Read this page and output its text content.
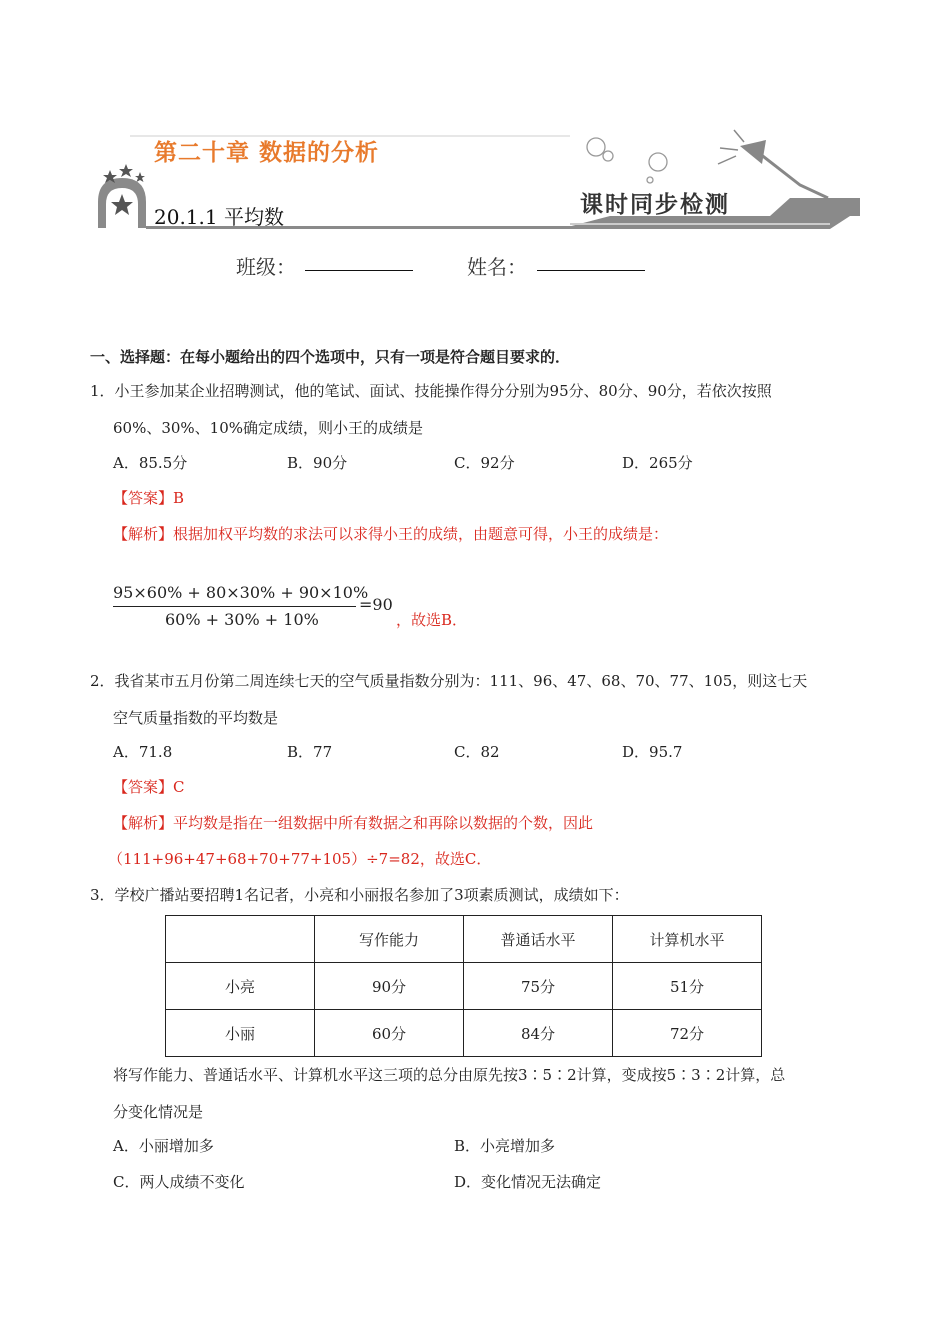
第二十章 数据的分析
20.1.1 平均数	课时同步检测
班级：	姓名：
一、选择题：在每小题给出的四个选项中，只有一项是符合题目要求的．
1．小王参加某企业招聘测试，他的笔试、面试、技能操作得分分别为95分、80分、90分，若依次按照
60%、30%、10%确定成绩，则小王的成绩是
A．85.5分	B．90分	C．92分	D．265分
【答案】B
【解析】根据加权平均数的求法可以求得小王的成绩，由题意可得，小王的成绩是：
95×60% + 80×30% + 90×10%
60% + 30% + 10%
=90
，故选B．
2．我省某市五月份第二周连续七天的空气质量指数分别为：111、96、47、68、70、77、105，则这七天
空气质量指数的平均数是
A．71.8	B．77	C．82	D．95.7
【答案】C
【解析】平均数是指在一组数据中所有数据之和再除以数据的个数，因此
（111+96+47+68+70+77+105）÷7=82，故选C．
3．学校广播站要招聘1名记者，小亮和小丽报名参加了3项素质测试，成绩如下：
	写作能力	普通话水平	计算机水平
小亮	90分	75分	51分
小丽	60分	84分	72分
将写作能力、普通话水平、计算机水平这三项的总分由原先按3∶5∶2计算，变成按5∶3∶2计算，总
分变化情况是
A．小丽增加多	B．小亮增加多
C．两人成绩不变化	D．变化情况无法确定
